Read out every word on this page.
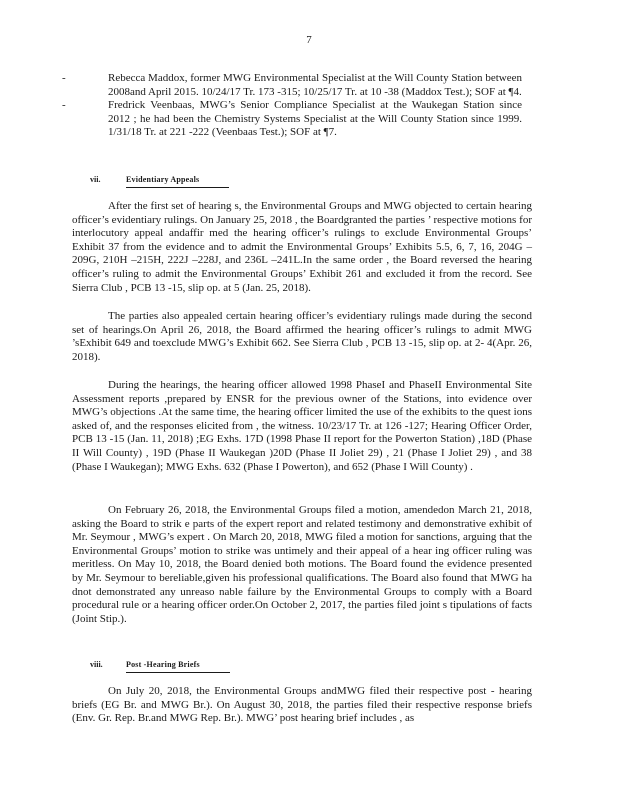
7
-	Rebecca Maddox, former MWG Environmental Specialist at the Will County Station between 2008and April 2015. 10/24/17 Tr. 173 -315; 10/25/17 Tr. at 10 -38 (Maddox Test.); SOF at ¶4.
-	Fredrick Veenbaas, MWG’s Senior Compliance Specialist at the Waukegan Station since 2012 ; he had been the Chemistry Systems Specialist at the Will County Station since 1999. 1/31/18 Tr. at 221 -222 (Veenbaas Test.); SOF at ¶7.
vii.	Evidentiary Appeals

After the first set of hearing s, the Environmental Groups and MWG objected to certain hearing officer’s evidentiary rulings. On January 25, 2018 , the Boardgranted the parties ’ respective motions for interlocutory appeal andaffir med the hearing officer’s rulings to exclude Environmental Groups’ Exhibit 37 from the evidence and to admit the Environmental Groups’ Exhibits 5.5, 6, 7, 16, 204G –209G, 210H –215H, 222J –228J, and 236L –241L.In the same order , the Board reversed the hearing officer’s ruling to admit the Environmental Groups’ Exhibit 261 and excluded it from the record. See Sierra Club , PCB 13 -15, slip op. at 5 (Jan. 25, 2018).

The parties also appealed certain hearing officer’s evidentiary rulings made during the second set of hearings.On April 26, 2018, the Board affirmed the hearing officer’s rulings to admit MWG ’sExhibit 649 and toexclude MWG’s Exhibit 662. See Sierra Club , PCB 13 -15, slip op. at 2- 4(Apr. 26, 2018).

During the hearings, the hearing officer allowed 1998 PhaseI and PhaseII Environmental Site Assessment reports ,prepared by ENSR for the previous owner of the Stations, into evidence over MWG’s objections .At the same time, the hearing officer limited the use of the exhibits to the quest ions asked of, and the responses elicited from , the witness. 10/23/17 Tr. at 126 -127; Hearing Officer Order, PCB 13 -15 (Jan. 11, 2018) ;EG Exhs. 17D (1998 Phase II report for the Powerton Station) ,18D (Phase II Will County) , 19D (Phase II Waukegan )20D (Phase II Joliet 29) , 21 (Phase I Joliet 29) , and 38 (Phase I Waukegan); MWG Exhs. 632 (Phase I Powerton), and 652 (Phase I Will County) .

On February 26, 2018, the Environmental Groups filed a motion, amendedon March 21, 2018, asking the Board to strik e parts of the expert report and related testimony and demonstrative exhibit of Mr. Seymour , MWG’s expert . On March 20, 2018, MWG filed a motion for sanctions, arguing that the Environmental Groups’ motion to strike was untimely and their appeal of a hear ing officer ruling was meritless. On May 10, 2018, the Board denied both motions. The Board found the evidence presented by Mr. Seymour to bereliable,given his professional qualifications. The Board also found that MWG ha dnot demonstrated any unreaso nable failure by the Environmental Groups to comply with a Board procedural rule or a hearing officer order.On October 2, 2017, the parties filed joint s tipulations of facts (Joint Stip.).

viii.	Post -Hearing Briefs

On July 20, 2018, the Environmental Groups andMWG filed their respective post - hearing briefs (EG Br. and MWG Br.). On August 30, 2018, the parties filed their respective response briefs (Env. Gr. Rep. Br.and MWG Rep. Br.). MWG’ post hearing brief includes , as
